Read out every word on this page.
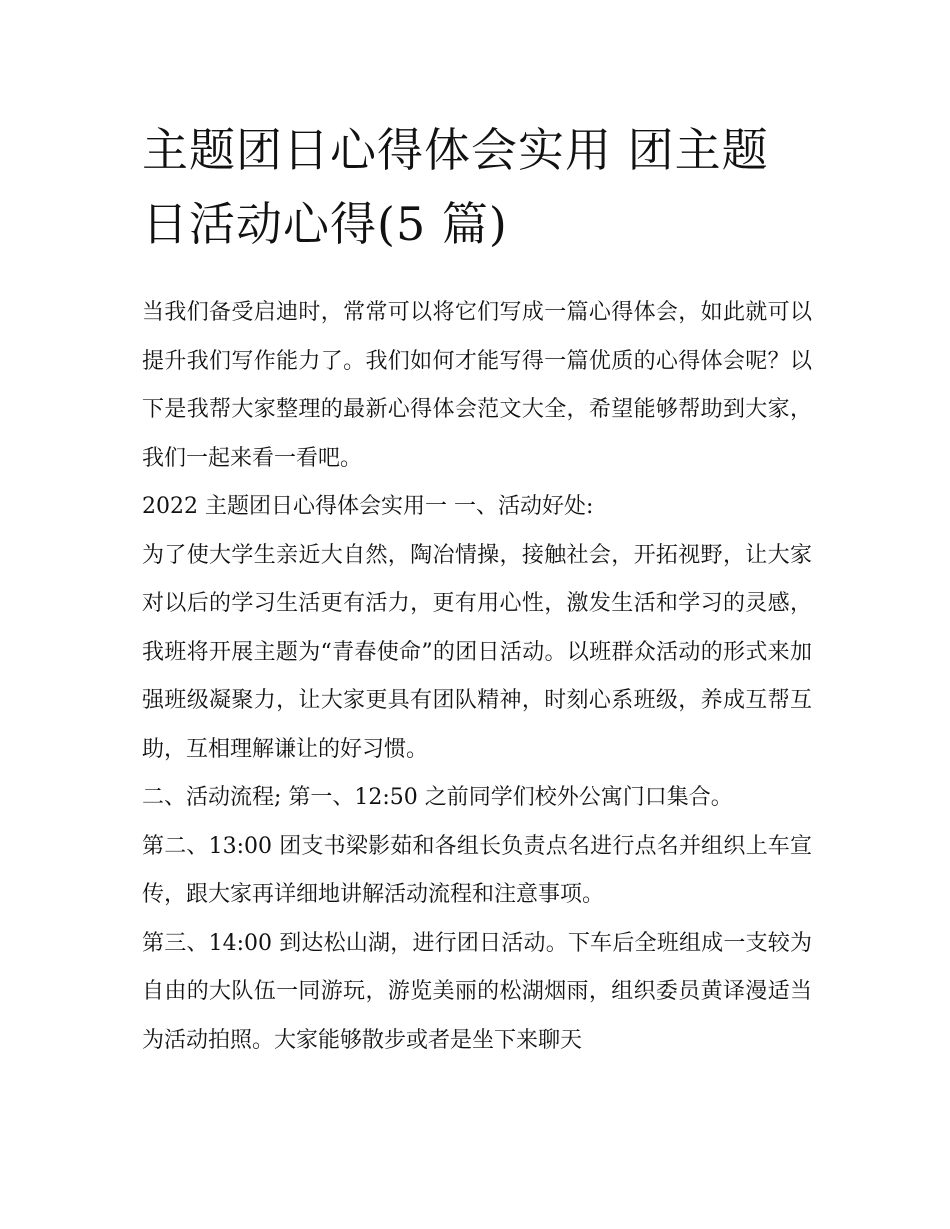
主题团日心得体会实用 团主题日活动心得(5 篇)

当我们备受启迪时，常常可以将它们写成一篇心得体会，如此就可以提升我们写作能力了。我们如何才能写得一篇优质的心得体会呢？以下是我帮大家整理的最新心得体会范文大全，希望能够帮助到大家，我们一起来看一看吧。

2022 主题团日心得体会实用一 一、活动好处:

为了使大学生亲近大自然，陶冶情操，接触社会，开拓视野，让大家对以后的学习生活更有活力，更有用心性，激发生活和学习的灵感，我班将开展主题为“青春使命”的团日活动。以班群众活动的形式来加强班级凝聚力，让大家更具有团队精神，时刻心系班级，养成互帮互助，互相理解谦让的好习惯。

二、活动流程; 第一、12:50 之前同学们校外公寓门口集合。

第二、13:00 团支书梁影茹和各组长负责点名进行点名并组织上车宣传，跟大家再详细地讲解活动流程和注意事项。

第三、14:00 到达松山湖，进行团日活动。下车后全班组成一支较为自由的大队伍一同游玩，游览美丽的松湖烟雨，组织委员黄译漫适当为活动拍照。大家能够散步或者是坐下来聊天
